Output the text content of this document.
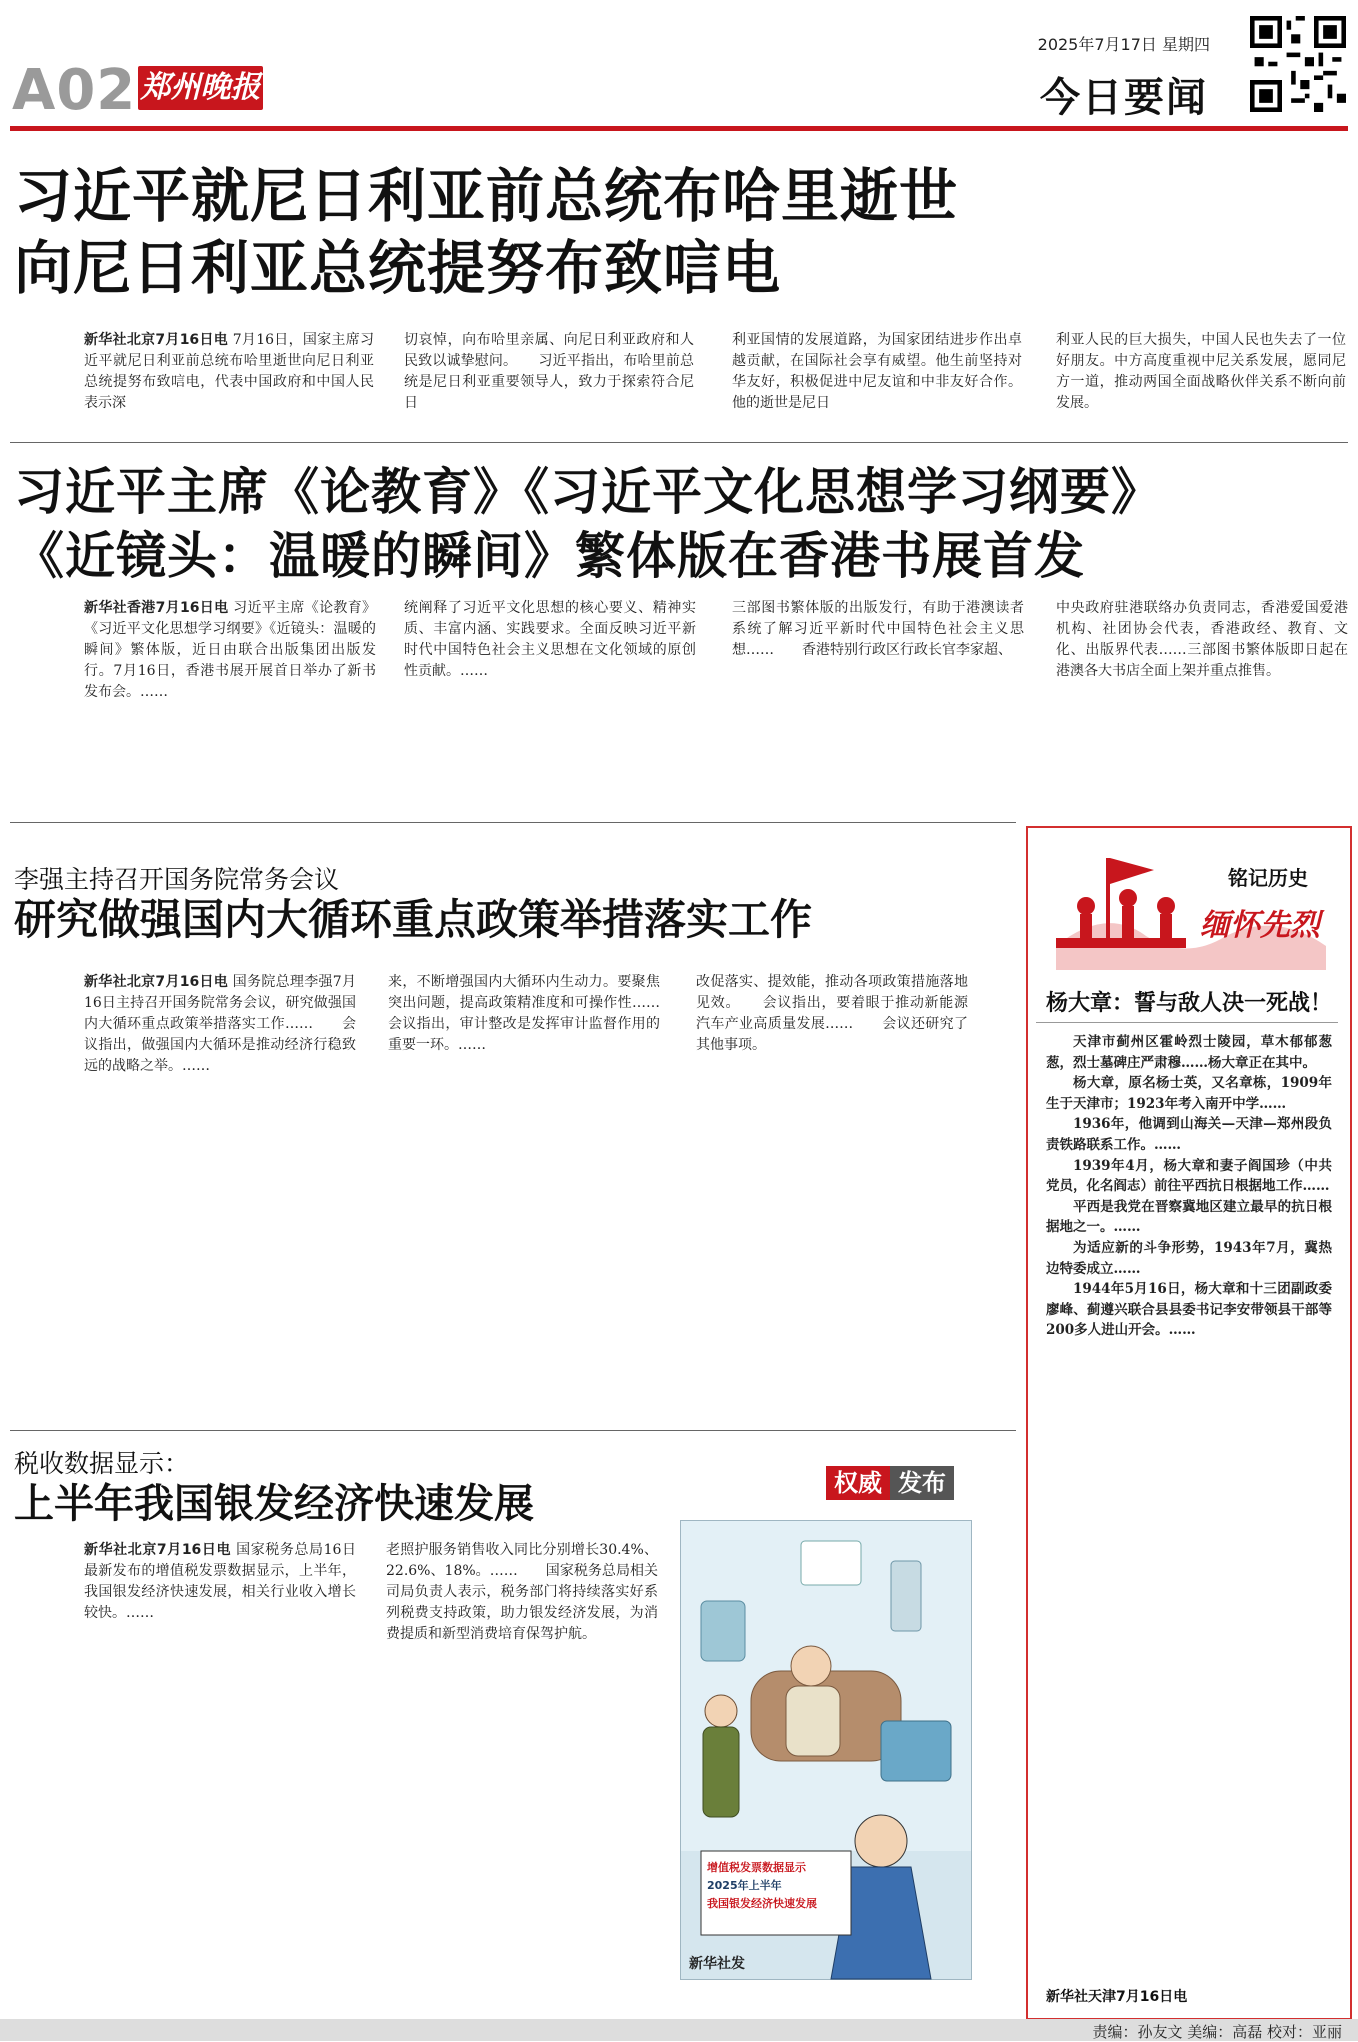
A02 郑州晚报
2025年7月17日 星期四
今日要闻
习近平就尼日利亚前总统布哈里逝世
向尼日利亚总统提努布致唁电
新华社北京7月16日电 7月16日，国家主席习近平就尼日利亚前总统布哈里逝世向尼日利亚总统提努布致唁电，代表中国政府和中国人民表示深
切哀悼，向布哈里亲属、向尼日利亚政府和人民致以诚挚慰问。　　习近平指出，布哈里前总统是尼日利亚重要领导人，致力于探索符合尼日
利亚国情的发展道路，为国家团结进步作出卓越贡献，在国际社会享有威望。他生前坚持对华友好，积极促进中尼友谊和中非友好合作。他的逝世是尼日
利亚人民的巨大损失，中国人民也失去了一位好朋友。中方高度重视中尼关系发展，愿同尼方一道，推动两国全面战略伙伴关系不断向前发展。
习近平主席《论教育》《习近平文化思想学习纲要》
《近镜头：温暖的瞬间》繁体版在香港书展首发
新华社香港7月16日电 习近平主席《论教育》《习近平文化思想学习纲要》《近镜头：温暖的瞬间》繁体版，近日由联合出版集团出版发行。7月16日，香港书展开展首日举办了新书发布会。……
统阐释了习近平文化思想的核心要义、精神实质、丰富内涵、实践要求。全面反映习近平新时代中国特色社会主义思想在文化领域的原创性贡献。……
三部图书繁体版的出版发行，有助于港澳读者系统了解习近平新时代中国特色社会主义思想……　　香港特别行政区行政长官李家超、
中央政府驻港联络办负责同志，香港爱国爱港机构、社团协会代表，香港政经、教育、文化、出版界代表……三部图书繁体版即日起在港澳各大书店全面上架并重点推售。
李强主持召开国务院常务会议
研究做强国内大循环重点政策举措落实工作
新华社北京7月16日电 国务院总理李强7月16日主持召开国务院常务会议，研究做强国内大循环重点政策举措落实工作……　　会议指出，做强国内大循环是推动经济行稳致远的战略之举。……
来，不断增强国内大循环内生动力。要聚焦突出问题，提高政策精准度和可操作性……　　会议指出，审计整改是发挥审计监督作用的重要一环。……
改促落实、提效能，推动各项政策措施落地见效。　　会议指出，要着眼于推动新能源汽车产业高质量发展……　　会议还研究了其他事项。
税收数据显示：
上半年我国银发经济快速发展	权威 发布
新华社北京7月16日电 国家税务总局16日最新发布的增值税发票数据显示，上半年，我国银发经济快速发展，相关行业收入增长较快。……
老照护服务销售收入同比分别增长30.4%、22.6%、18%。……　　国家税务总局相关司局负责人表示，税务部门将持续落实好系列税费支持政策，助力银发经济发展，为消费提质和新型消费培育保驾护航。
增值税发票数据显示
2025年上半年
我国银发经济快速发展
新华社发
铭记历史
缅怀先烈
杨大章：誓与敌人决一死战！

天津市蓟州区霍岭烈士陵园，草木郁郁葱葱，烈士墓碑庄严肃穆……杨大章正在其中。

杨大章，原名杨士英，又名章栋，1909年生于天津市；1923年考入南开中学……

1936年，他调到山海关—天津—郑州段负责铁路联系工作。……

1939年4月，杨大章和妻子阎国珍（中共党员，化名阎志）前往平西抗日根据地工作……

平西是我党在晋察冀地区建立最早的抗日根据地之一。……

为适应新的斗争形势，1943年7月，冀热边特委成立……

1944年5月16日，杨大章和十三团副政委廖峰、蓟遵兴联合县县委书记李安带领县干部等200多人进山开会。……

新华社天津7月16日电
责编：孙友文 美编：高磊 校对：亚丽
